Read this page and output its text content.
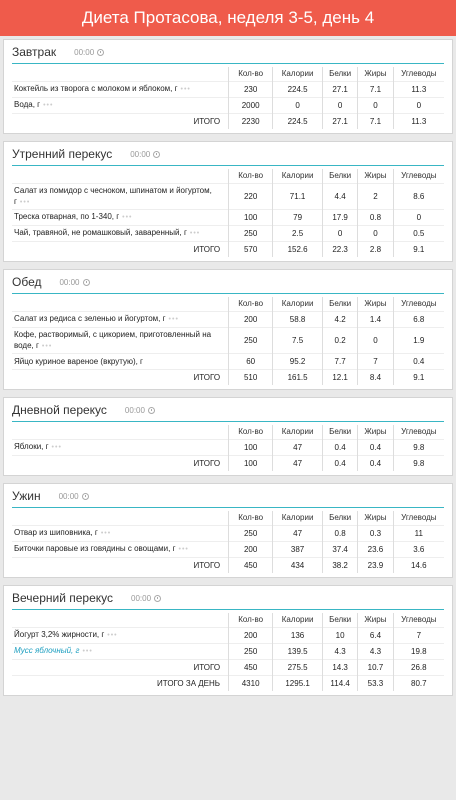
Диета Протасова, неделя 3-5, день 4
Завтрак 00:00
	Кол-во	Калории	Белки	Жиры	Углеводы
Коктейль из творога с молоком и яблоком, г •••	230	224.5	27.1	7.1	11.3
Вода, г •••	2000	0	0	0	0
ИТОГО	2230	224.5	27.1	7.1	11.3
Утренний перекус 00:00
	Кол-во	Калории	Белки	Жиры	Углеводы
Салат из помидор с чесноком, шпинатом и йогуртом, г •••	220	71.1	4.4	2	8.6
Треска отварная, по 1-340, г •••	100	79	17.9	0.8	0
Чай, травяной, не ромашковый, заваренный, г •••	250	2.5	0	0	0.5
ИТОГО	570	152.6	22.3	2.8	9.1
Обед 00:00
	Кол-во	Калории	Белки	Жиры	Углеводы
Салат из редиса с зеленью и йогуртом, г •••	200	58.8	4.2	1.4	6.8
Кофе, растворимый, с цикорием, приготовленный на воде, г •••	250	7.5	0.2	0	1.9
Яйцо куриное вареное (вкрутую), г	60	95.2	7.7	7	0.4
ИТОГО	510	161.5	12.1	8.4	9.1
Дневной перекус 00:00
	Кол-во	Калории	Белки	Жиры	Углеводы
Яблоки, г •••	100	47	0.4	0.4	9.8
ИТОГО	100	47	0.4	0.4	9.8
Ужин 00:00
	Кол-во	Калории	Белки	Жиры	Углеводы
Отвар из шиповника, г •••	250	47	0.8	0.3	11
Биточки паровые из говядины с овощами, г •••	200	387	37.4	23.6	3.6
ИТОГО	450	434	38.2	23.9	14.6
Вечерний перекус 00:00
	Кол-во	Калории	Белки	Жиры	Углеводы
Йогурт 3,2% жирности, г •••	200	136	10	6.4	7
Мусс яблочный, г •••	250	139.5	4.3	4.3	19.8
ИТОГО	450	275.5	14.3	10.7	26.8
ИТОГО ЗА ДЕНЬ	4310	1295.1	114.4	53.3	80.7
